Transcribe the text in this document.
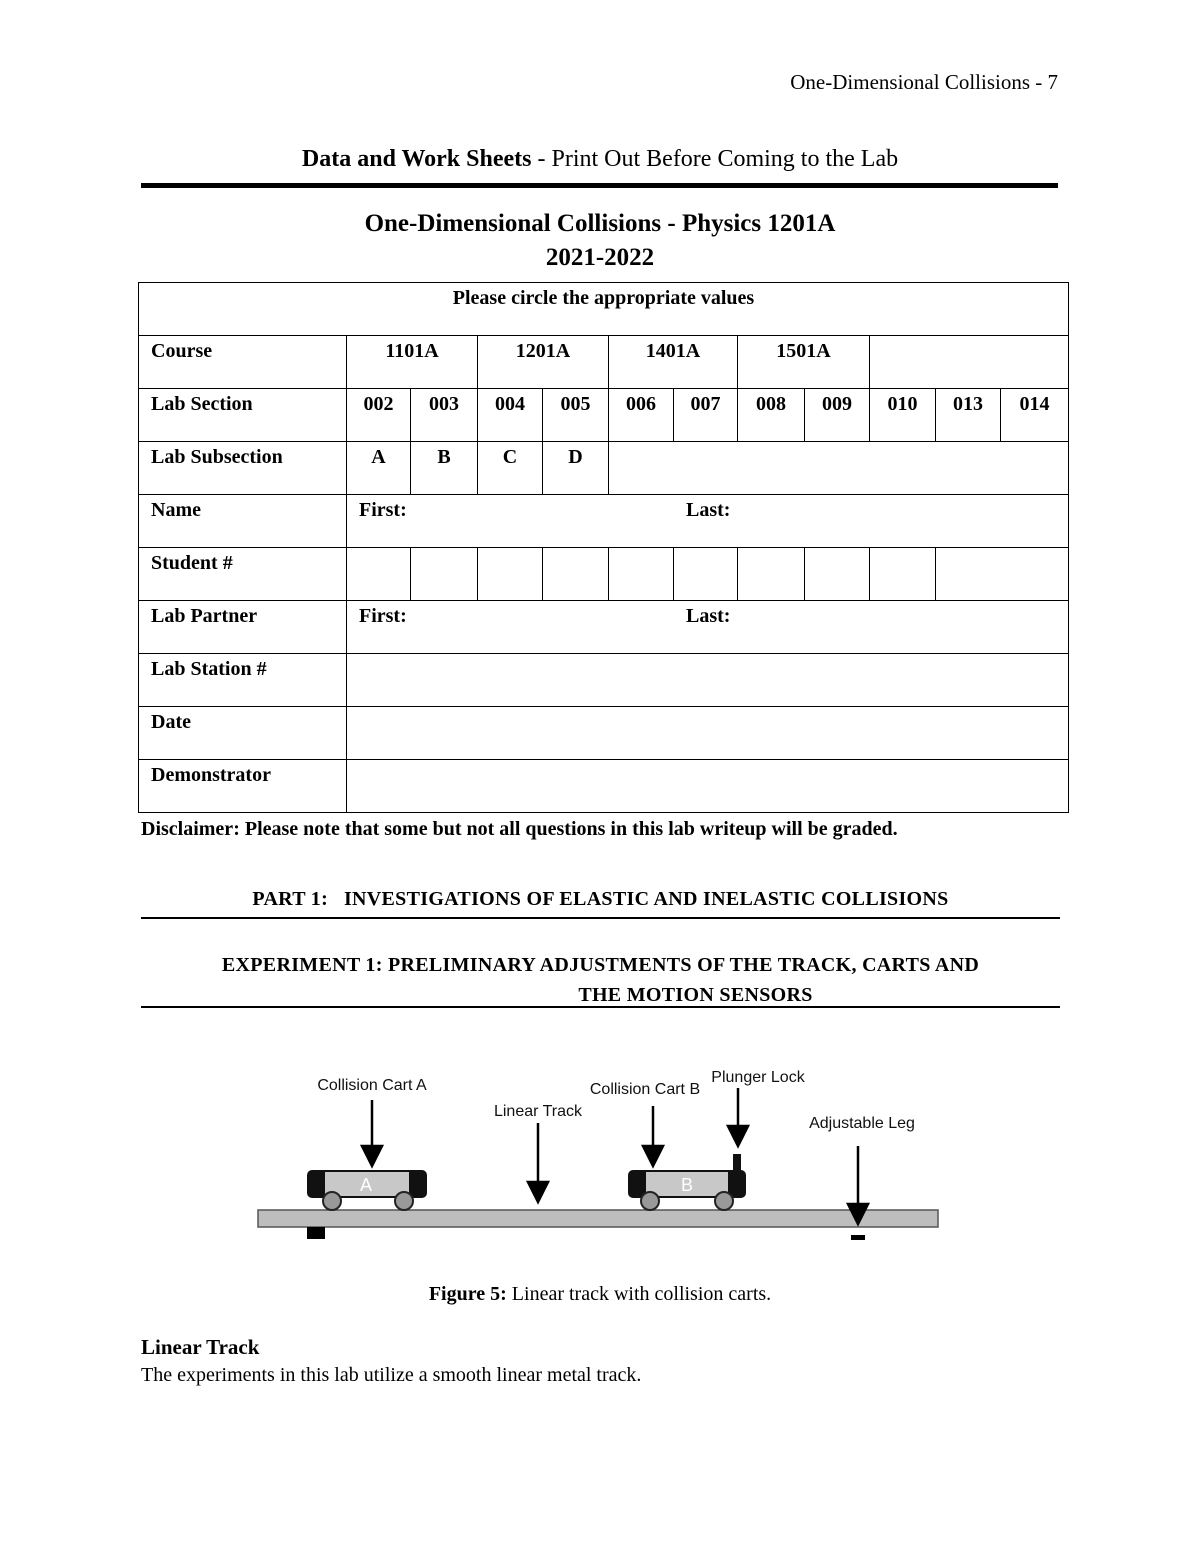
One-Dimensional Collisions - 7
Data and Work Sheets - Print Out Before Coming to the Lab
One-Dimensional Collisions - Physics 1201A
2021-2022
Please circle the appropriate values											
Course	1101A		1201A		1401A		1501A				
Lab Section	002	003	004	005	006	007	008	009	010	013	014
Lab Subsection	A	B	C	D							
Name	First: Last:										

Student #											
Lab Partner	First: Last:										

Lab Station #											
Date											
Demonstrator											
Disclaimer: Please note that some but not all questions in this lab writeup will be graded.
PART 1:   INVESTIGATIONS OF ELASTIC AND INELASTIC COLLISIONS
EXPERIMENT 1: PRELIMINARY ADJUSTMENTS OF THE TRACK, CARTS AND
THE MOTION SENSORS
A	B
Collision Cart A
Linear Track
Collision Cart B
Plunger Lock
Adjustable Leg
Figure 5: Linear track with collision carts.
Linear Track
The experiments in this lab utilize a smooth linear metal track.
